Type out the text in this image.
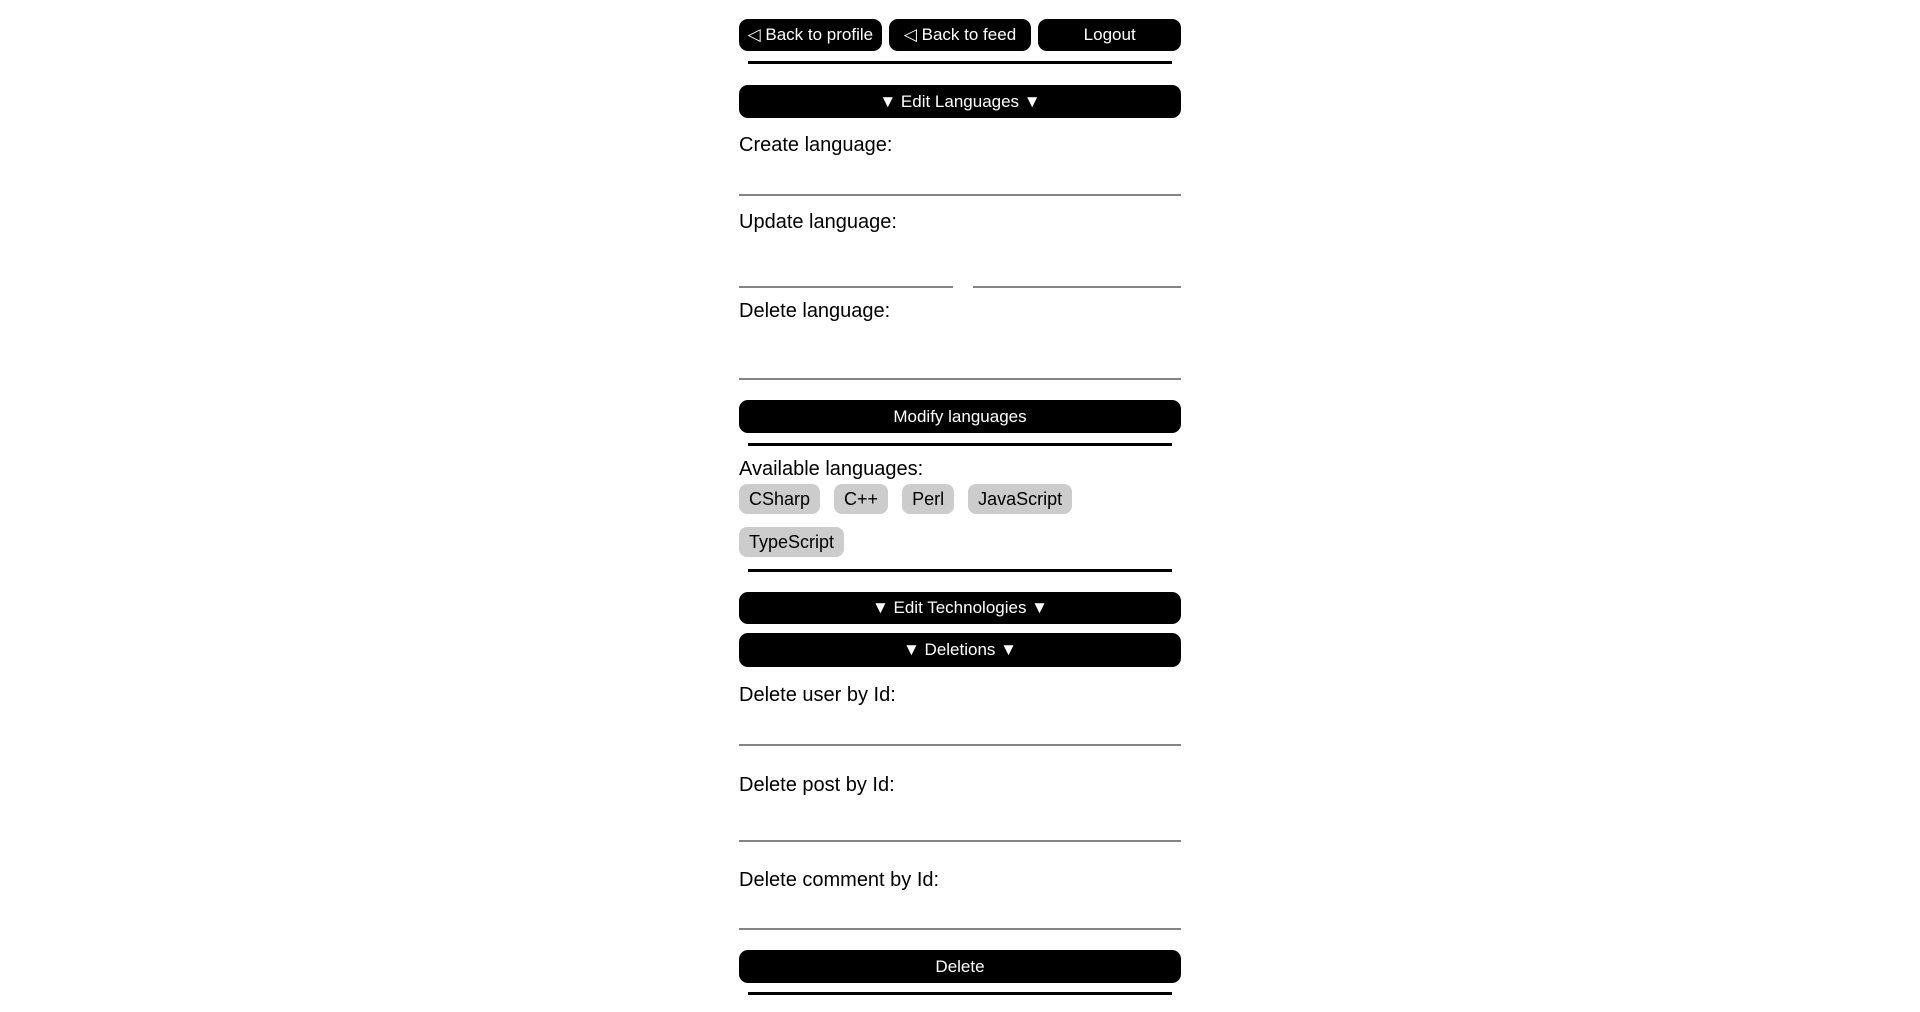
◁ Back to profile	◁ Back to feed	Logout
▼ Edit Languages ▼
Create language:
Update language:
Delete language:
Modify languages
Available languages:
CSharp	C++	Perl	JavaScript
TypeScript
▼ Edit Technologies ▼
▼ Deletions ▼
Delete user by Id:
Delete post by Id:
Delete comment by Id:
Delete
